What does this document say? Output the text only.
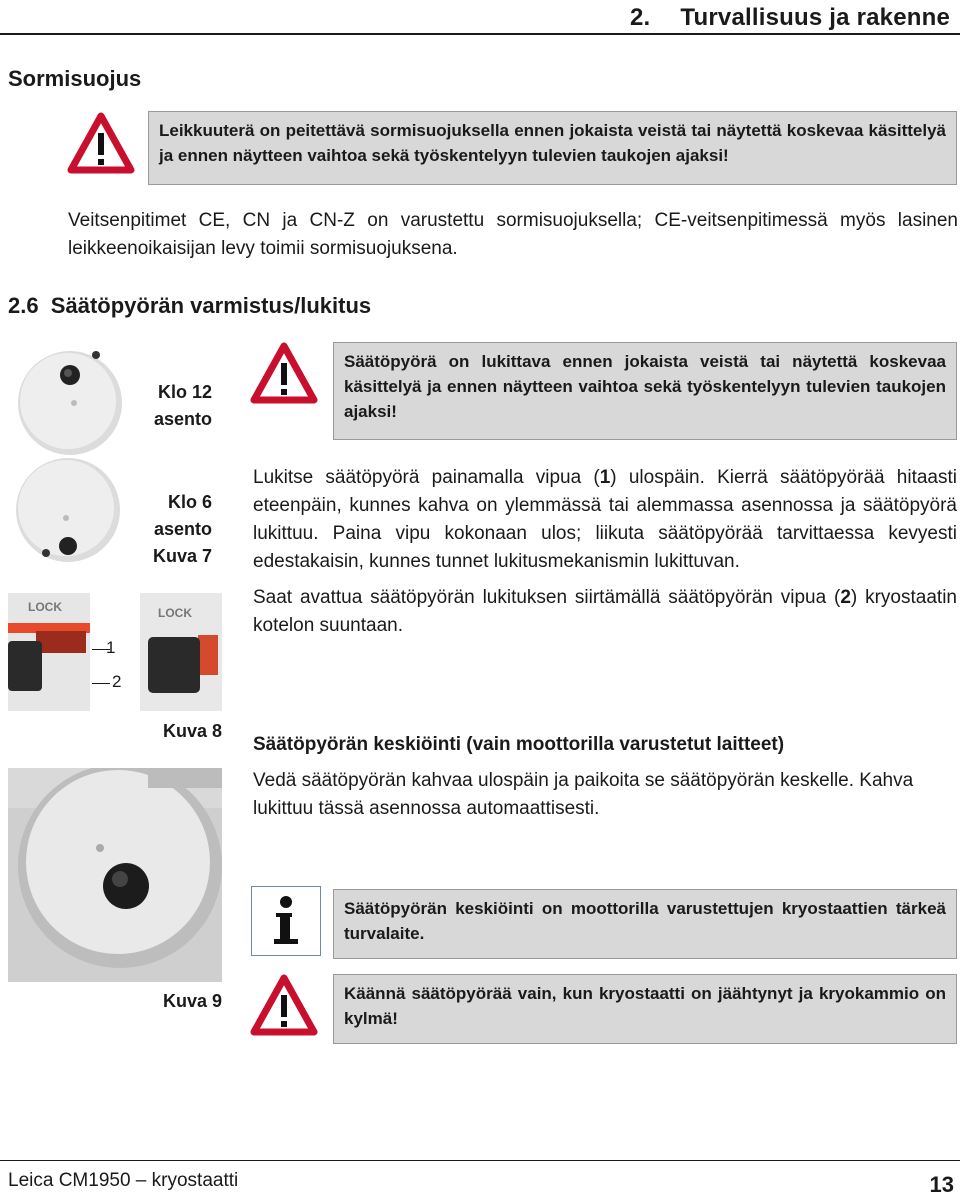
2. Turvallisuus ja rakenne
Sormisuojus
Leikkuuterä on peitettävä sormisuojuksella ennen jokaista veistä tai näytettä koskevaa käsittelyä ja ennen näytteen vaihtoa sekä työskentelyyn tulevien taukojen ajaksi!
Veitsenpitimet CE, CN ja CN-Z on varustettu sormisuojuksella; CE-veitsenpitimessä myös lasinen leikkeenoikaisijan levy toimii sormisuojuksena.
2.6  Säätöpyörän varmistus/lukitus
Klo 12
asento
Klo 6
asento
Kuva 7
LOCK	LOCK
1
2
Kuva 8
Kuva 9
Säätöpyörä on lukittava ennen jokaista veistä tai näytettä koskevaa käsittelyä ja ennen näytteen vaihtoa sekä työskentelyyn tulevien taukojen ajaksi!
Lukitse säätöpyörä painamalla vipua (1) ulospäin. Kierrä säätöpyörää hitaasti eteenpäin, kunnes kahva on ylemmässä tai alemmassa asennossa ja säätöpyörä lukittuu. Paina vipu kokonaan ulos; liikuta säätöpyörää tarvittaessa kevyesti edestakaisin, kunnes tunnet lukitusmekanismin lukittuvan.
Saat avattua säätöpyörän lukituksen siirtämällä säätöpyörän vipua (2) kryostaatin kotelon suuntaan.
Säätöpyörän keskiöinti (vain moottorilla varustetut laitteet)
Vedä säätöpyörän kahvaa ulospäin ja paikoita se säätöpyörän keskelle. Kahva lukittuu tässä asennossa automaattisesti.
Säätöpyörän keskiöinti on moottorilla varustettujen kryostaattien tärkeä turvalaite.
Käännä säätöpyörää vain, kun kryostaatti on jäähtynyt ja kryokammio on kylmä!
Leica CM1950 – kryostaatti	13
